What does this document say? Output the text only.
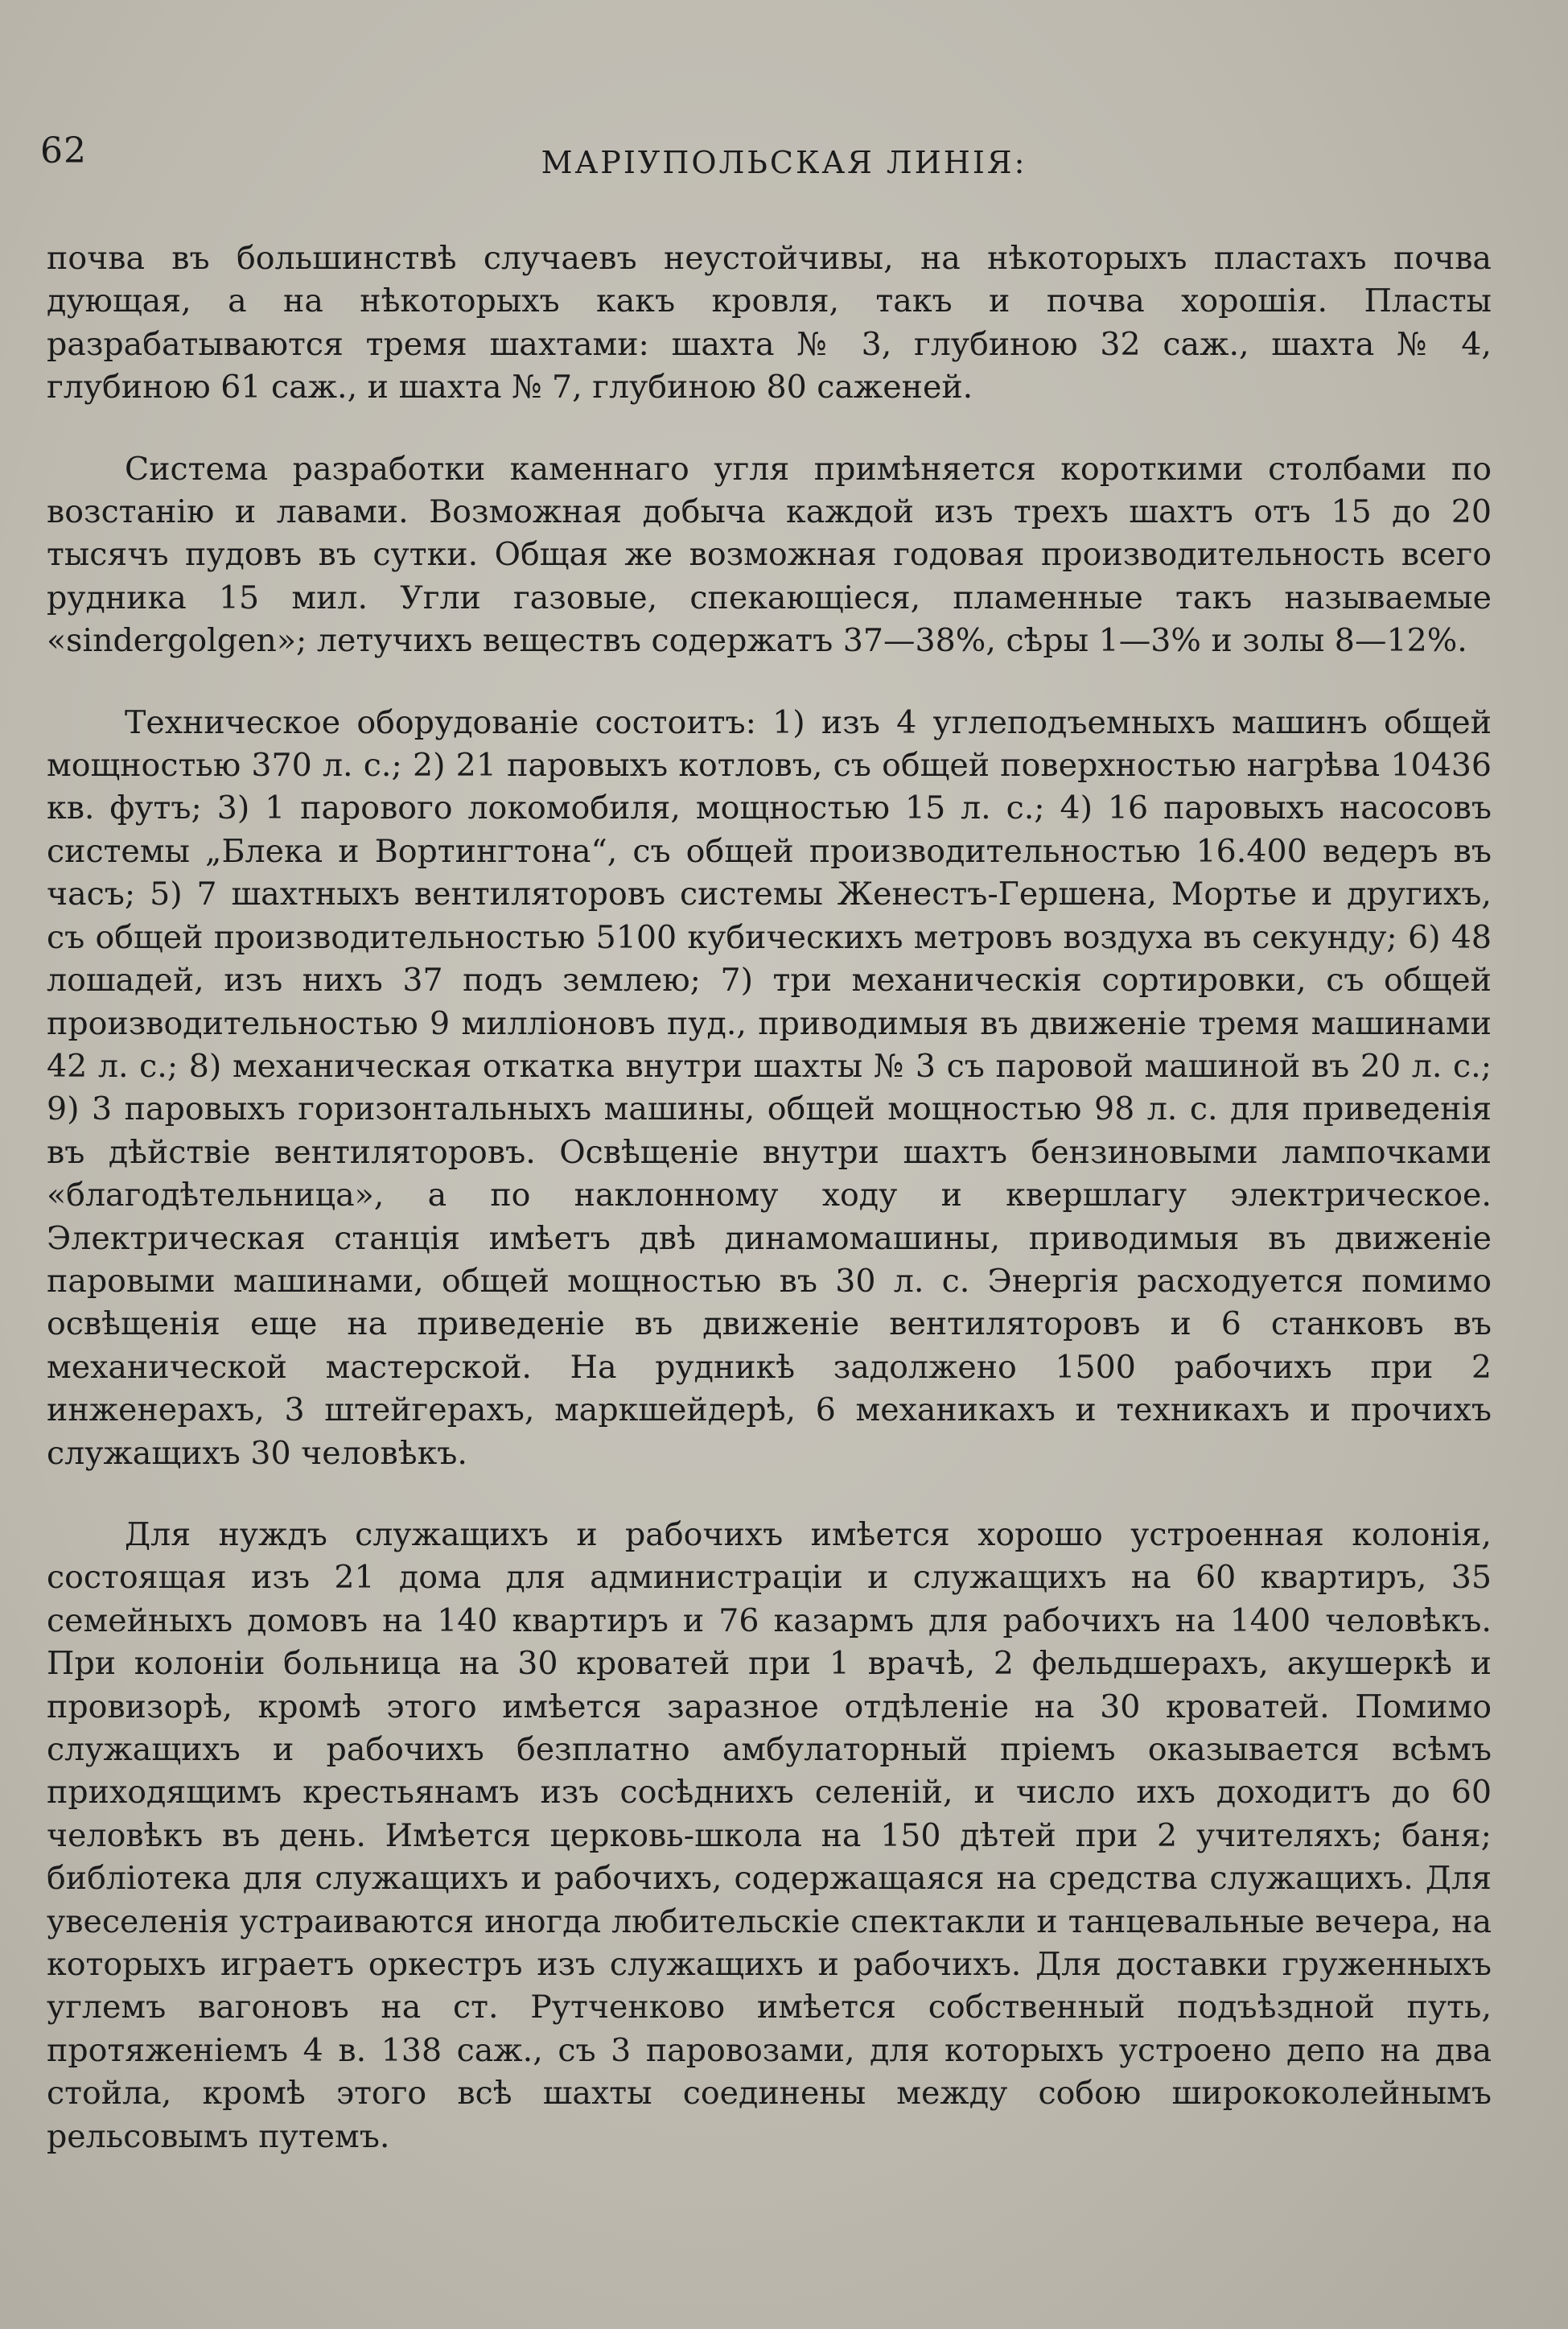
62	МАРІУПОЛЬСКАЯ ЛИНІЯ:

почва въ большинствѣ случаевъ неустойчивы, на нѣкоторыхъ пластахъ почва дующая, а на нѣкоторыхъ какъ кровля, такъ и почва хорошія. Пласты разрабатываются тремя шахтами: шахта № 3, глубиною 32 саж., шахта № 4, глубиною 61 саж., и шахта № 7, глубиною 80 саженей.

Система разработки каменнаго угля примѣняется короткими столбами по возстанію и лавами. Возможная добыча каждой изъ трехъ шахтъ отъ 15 до 20 тысячъ пудовъ въ сутки. Общая же возможная годовая производительность всего рудника 15 мил. Угли газовые, спекающіеся, пламенные такъ называемые «sindergolgen»; летучихъ веществъ содержатъ 37—38%, сѣры 1—3% и золы 8—12%.

Техническое оборудованіе состоитъ: 1) изъ 4 углеподъемныхъ машинъ общей мощностью 370 л. с.; 2) 21 паровыхъ котловъ, съ общей поверхностью нагрѣва 10436 кв. футъ; 3) 1 парового локомобиля, мощностью 15 л. с.; 4) 16 паровыхъ насосовъ системы „Блека и Вортингтона“, съ общей производительностью 16.400 ведеръ въ часъ; 5) 7 шахтныхъ вентиляторовъ системы Женестъ-Гершена, Мортье и другихъ, съ общей производительностью 5100 кубическихъ метровъ воздуха въ секунду; 6) 48 лошадей, изъ нихъ 37 подъ землею; 7) три механическія сортировки, съ общей производительностью 9 милліоновъ пуд., приводимыя въ движеніе тремя машинами 42 л. с.; 8) механическая откатка внутри шахты № 3 съ паровой машиной въ 20 л. с.; 9) 3 паровыхъ горизонтальныхъ машины, общей мощностью 98 л. с. для приведенія въ дѣйствіе вентиляторовъ. Освѣщеніе внутри шахтъ бензиновыми лампочками «благодѣтельница», а по наклонному ходу и квершлагу электрическое. Электрическая станція имѣетъ двѣ динамомашины, приводимыя въ движеніе паровыми машинами, общей мощностью въ 30 л. с. Энергія расходуется помимо освѣщенія еще на приведеніе въ движеніе вентиляторовъ и 6 станковъ въ механической мастерской. На рудникѣ задолжено 1500 рабочихъ при 2 инженерахъ, 3 штейгерахъ, маркшейдерѣ, 6 механикахъ и техникахъ и прочихъ служащихъ 30 человѣкъ.

Для нуждъ служащихъ и рабочихъ имѣется хорошо устроенная колонія, состоящая изъ 21 дома для администраціи и служащихъ на 60 квартиръ, 35 семейныхъ домовъ на 140 квартиръ и 76 казармъ для рабочихъ на 1400 человѣкъ. При колоніи больница на 30 кроватей при 1 врачѣ, 2 фельдшерахъ, акушеркѣ и провизорѣ, кромѣ этого имѣется заразное отдѣленіе на 30 кроватей. Помимо служащихъ и рабочихъ безплатно амбулаторный пріемъ оказывается всѣмъ приходящимъ крестьянамъ изъ сосѣднихъ селеній, и число ихъ доходитъ до 60 человѣкъ въ день. Имѣется церковь-школа на 150 дѣтей при 2 учителяхъ; баня; библіотека для служащихъ и рабочихъ, содержащаяся на средства служащихъ. Для увеселенія устраиваются иногда любительскіе спектакли и танцевальные вечера, на которыхъ играетъ оркестръ изъ служащихъ и рабочихъ. Для доставки груженныхъ углемъ вагоновъ на ст. Рутченково имѣется собственный подъѣздной путь, протяженіемъ 4 в. 138 саж., съ 3 паровозами, для которыхъ устроено депо на два стойла, кромѣ этого всѣ шахты соединены между собою ширококолейнымъ рельсовымъ путемъ.
